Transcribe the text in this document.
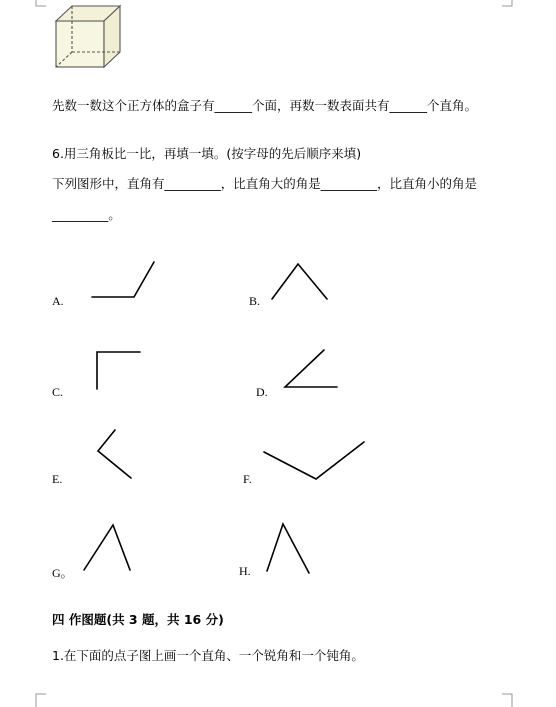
先数一数这个正方体的盒子有______个面，再数一数表面共有______个直角。
6.用三角板比一比，再填一填。(按字母的先后顺序来填)
下列图形中，直角有_________，比直角大的角是_________，比直角小的角是
_________。
A.	B.
C.	D.
E.	F.
G。	H.
四 作图题(共 3 题，共 16 分)
1.在下面的点子图上画一个直角、一个锐角和一个钝角。
